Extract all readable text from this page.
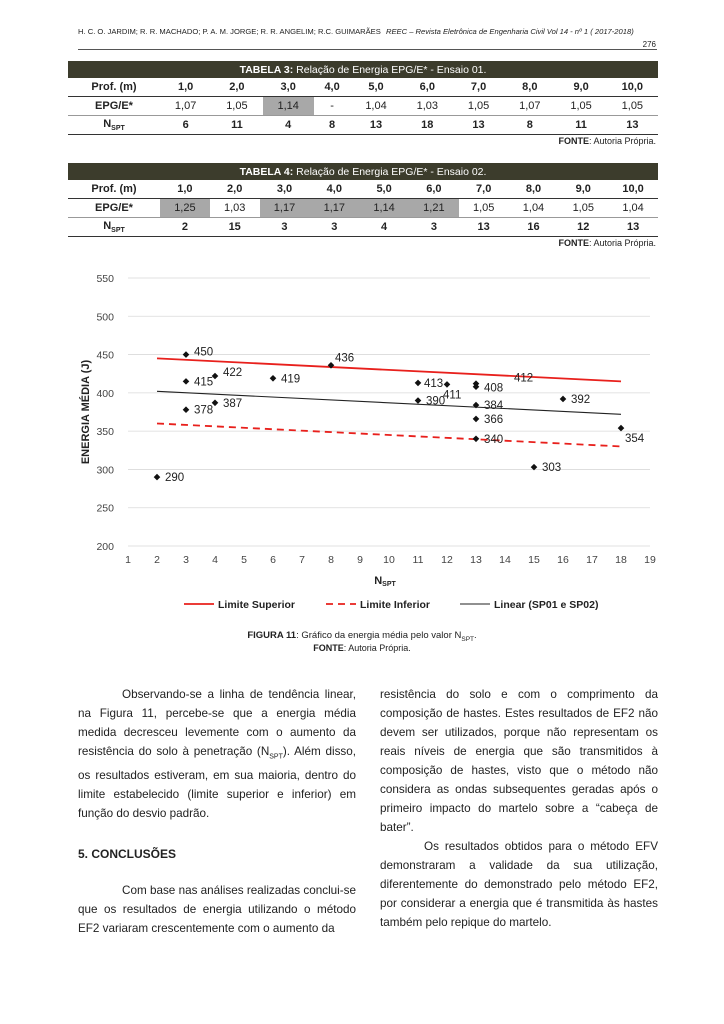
H. C. O. JARDIM; R. R. MACHADO; P. A. M. JORGE; R. R. ANGELIM; R.C. GUIMARÃES REEC – Revista Eletrônica de Engenharia Civil Vol 14 - nº 1 ( 2017-2018)
276
TABELA 3: Relação de Energia EPG/E* - Ensaio 01.										
Prof. (m)	1,0	2,0	3,0	4,0	5,0	6,0	7,0	8,0	9,0	10,0
EPG/E*	1,07	1,05	1,14	-	1,04	1,03	1,05	1,07	1,05	1,05
$N_{SPT}$	6	11	4	8	13	18	13	8	11	13
FONTE: Autoria Própria.
TABELA 4: Relação de Energia EPG/E* - Ensaio 02.										
Prof. (m)	1,0	2,0	3,0	4,0	5,0	6,0	7,0	8,0	9,0	10,0
EPG/E*	1,25	1,03	1,17	1,17	1,14	1,21	1,05	1,04	1,05	1,04
$N_{SPT}$	2	15	3	3	4	3	13	16	12	13
FONTE: Autoria Própria.
200
250
300
350
400
450
500
550
1 2 3 4 5 6 7 8 9 10 11 12 13 14 15 16 17 18 19
ENERGIA MÉDIA (J)
NSPT
290
450
415
378
422
387
419
436
413
390
411
412
408
384
366
340
303
392
354
Limite Superior	Limite Inferior	Linear (SP01 e SP02)
FIGURA 11: Gráfico da energia média pelo valor $N_{SPT}$.
FONTE: Autoria Própria.

Observando-se a linha de tendência linear, na Figura 11, percebe-se que a energia média medida decresceu levemente com o aumento da resistência do solo à penetração $(N_{SPT})$. Além disso, os resultados estiveram, em sua maioria, dentro do limite estabelecido (limite superior e inferior) em função do desvio padrão.

5. CONCLUSÕES

Com base nas análises realizadas conclui-se que os resultados de energia utilizando o método EF2 variaram crescentemente com o aumento da

resistência do solo e com o comprimento da composição de hastes. Estes resultados de EF2 não devem ser utilizados, porque não representam os reais níveis de energia que são transmitidos à composição de hastes, visto que o método não considera as ondas subsequentes geradas após o primeiro impacto do martelo sobre a “cabeça de bater”.

Os resultados obtidos para o método EFV demonstraram a validade da sua utilização, diferentemente do demonstrado pelo método EF2, por considerar a energia que é transmitida às hastes também pelo repique do martelo.
